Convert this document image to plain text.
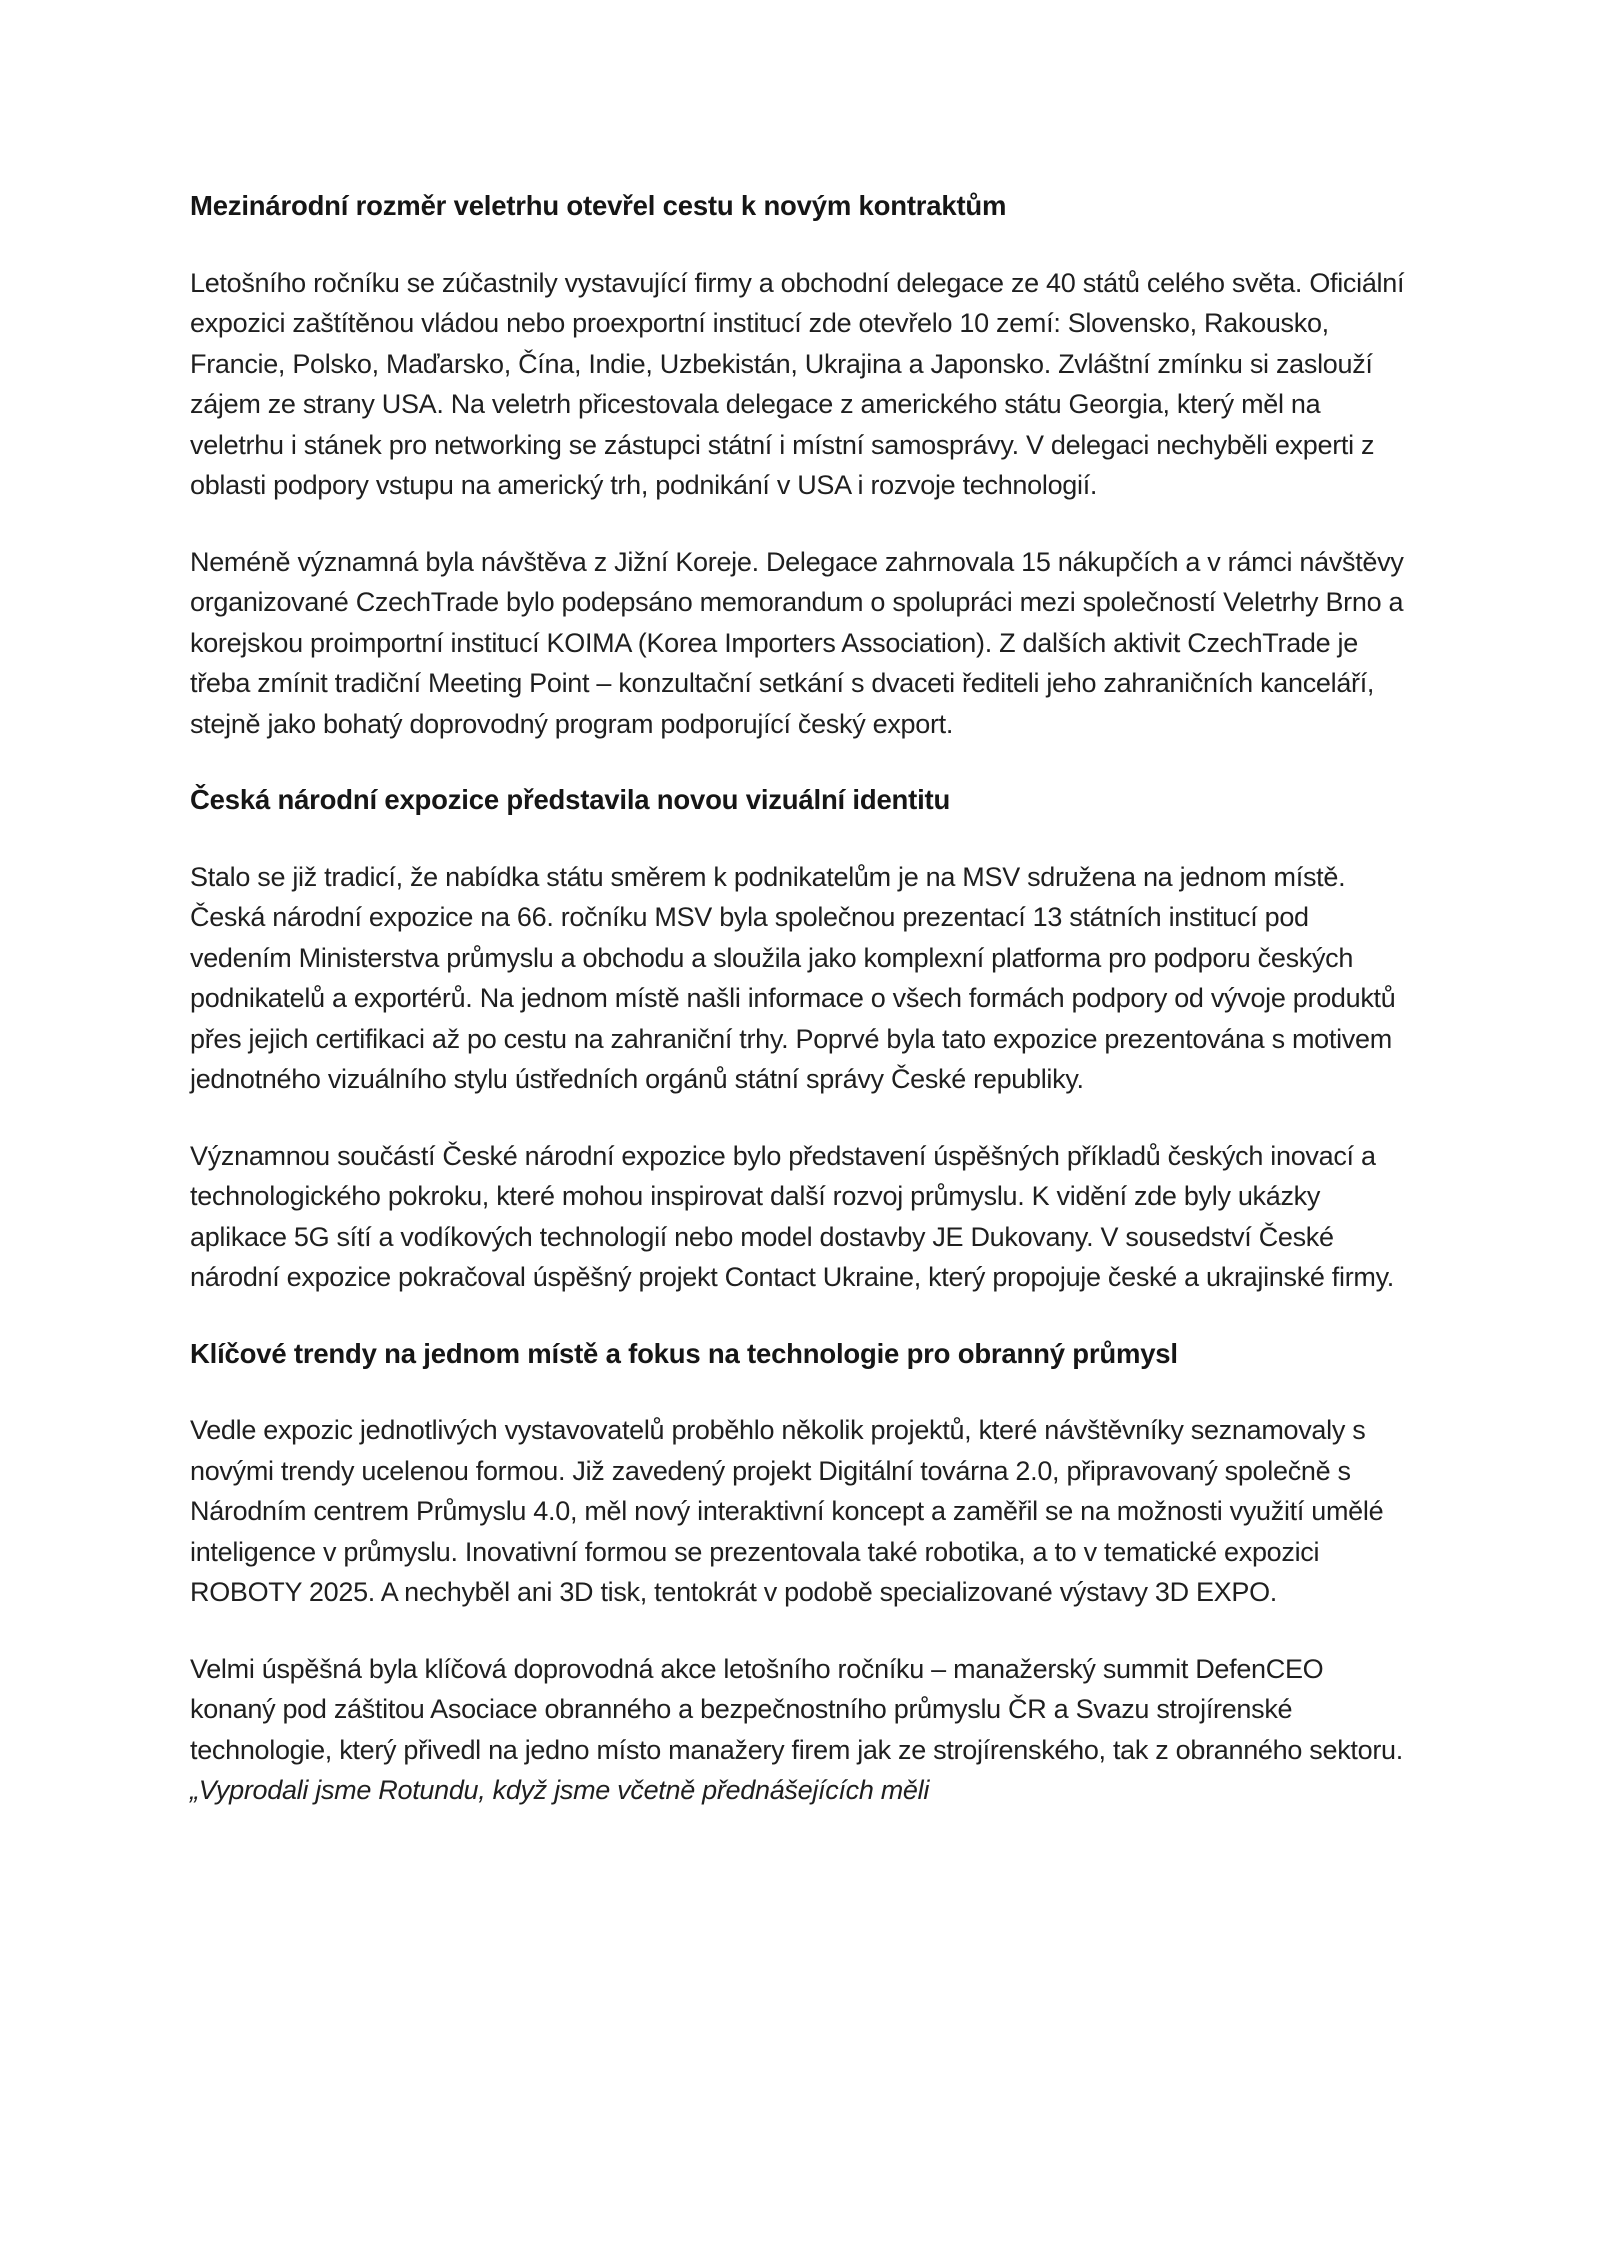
Mezinárodní rozměr veletrhu otevřel cestu k novým kontraktům

Letošního ročníku se zúčastnily vystavující firmy a obchodní delegace ze 40 států celého světa. Oficiální expozici zaštítěnou vládou nebo proexportní institucí zde otevřelo 10 zemí: Slovensko, Rakousko, Francie, Polsko, Maďarsko, Čína, Indie, Uzbekistán, Ukrajina a Japonsko. Zvláštní zmínku si zaslouží zájem ze strany USA. Na veletrh přicestovala delegace z amerického státu Georgia, který měl na veletrhu i stánek pro networking se zástupci státní i místní samosprávy. V delegaci nechyběli experti z oblasti podpory vstupu na americký trh, podnikání v USA i rozvoje technologií.

Neméně významná byla návštěva z Jižní Koreje. Delegace zahrnovala 15 nákupčích a v rámci návštěvy organizované CzechTrade bylo podepsáno memorandum o spolupráci mezi společností Veletrhy Brno a korejskou proimportní institucí KOIMA (Korea Importers Association). Z dalších aktivit CzechTrade je třeba zmínit tradiční Meeting Point – konzultační setkání s dvaceti řediteli jeho zahraničních kanceláří, stejně jako bohatý doprovodný program podporující český export.

Česká národní expozice představila novou vizuální identitu

Stalo se již tradicí, že nabídka státu směrem k podnikatelům je na MSV sdružena na jednom místě. Česká národní expozice na 66. ročníku MSV byla společnou prezentací 13 státních institucí pod vedením Ministerstva průmyslu a obchodu a sloužila jako komplexní platforma pro podporu českých podnikatelů a exportérů. Na jednom místě našli informace o všech formách podpory od vývoje produktů přes jejich certifikaci až po cestu na zahraniční trhy. Poprvé byla tato expozice prezentována s motivem jednotného vizuálního stylu ústředních orgánů státní správy České republiky.

Významnou součástí České národní expozice bylo představení úspěšných příkladů českých inovací a technologického pokroku, které mohou inspirovat další rozvoj průmyslu. K vidění zde byly ukázky aplikace 5G sítí a vodíkových technologií nebo model dostavby JE Dukovany. V sousedství České národní expozice pokračoval úspěšný projekt Contact Ukraine, který propojuje české a ukrajinské firmy.

Klíčové trendy na jednom místě a fokus na technologie pro obranný průmysl

Vedle expozic jednotlivých vystavovatelů proběhlo několik projektů, které návštěvníky seznamovaly s novými trendy ucelenou formou. Již zavedený projekt Digitální továrna 2.0, připravovaný společně s Národním centrem Průmyslu 4.0, měl nový interaktivní koncept a zaměřil se na možnosti využití umělé inteligence v průmyslu. Inovativní formou se prezentovala také robotika, a to v tematické expozici ROBOTY 2025. A nechyběl ani 3D tisk, tentokrát v podobě specializované výstavy 3D EXPO.

Velmi úspěšná byla klíčová doprovodná akce letošního ročníku – manažerský summit DefenCEO konaný pod záštitou Asociace obranného a bezpečnostního průmyslu ČR a Svazu strojírenské technologie, který přivedl na jedno místo manažery firem jak ze strojírenského, tak z obranného sektoru. „Vyprodali jsme Rotundu, když jsme včetně přednášejících měli
